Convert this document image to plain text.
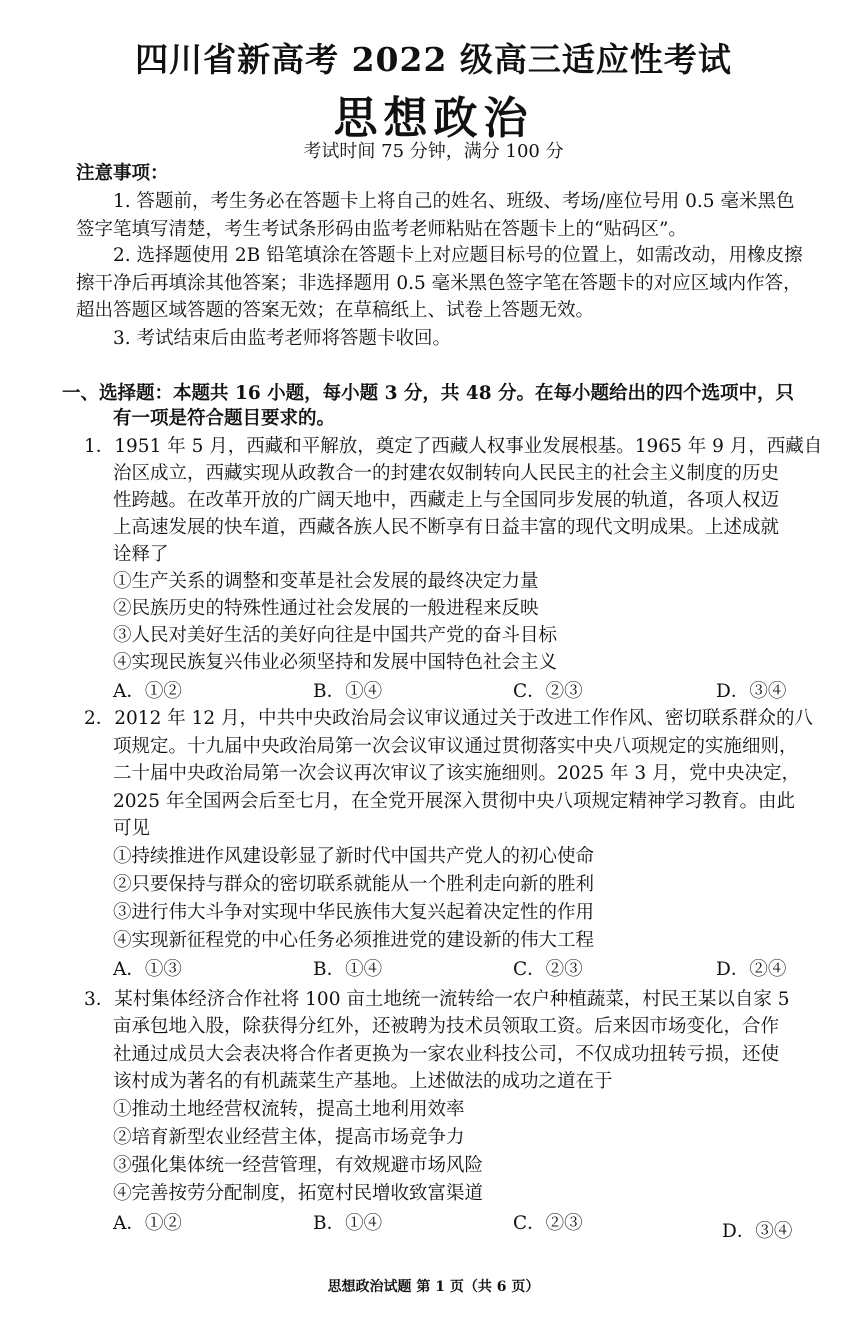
四川省新高考 2022 级高三适应性考试
思想政治
考试时间 75 分钟，满分 100 分
注意事项：
1. 答题前，考生务必在答题卡上将自己的姓名、班级、考场/座位号用 0.5 毫米黑色
签字笔填写清楚，考生考试条形码由监考老师粘贴在答题卡上的“贴码区”。
2. 选择题使用 2B 铅笔填涂在答题卡上对应题目标号的位置上，如需改动，用橡皮擦
擦干净后再填涂其他答案；非选择题用 0.5 毫米黑色签字笔在答题卡的对应区域内作答，
超出答题区域答题的答案无效；在草稿纸上、试卷上答题无效。
3. 考试结束后由监考老师将答题卡收回。
一、选择题：本题共 16 小题，每小题 3 分，共 48 分。在每小题给出的四个选项中，只
有一项是符合题目要求的。
1．1951 年 5 月，西藏和平解放，奠定了西藏人权事业发展根基。1965 年 9 月，西藏自
治区成立，西藏实现从政教合一的封建农奴制转向人民民主的社会主义制度的历史
性跨越。在改革开放的广阔天地中，西藏走上与全国同步发展的轨道，各项人权迈
上高速发展的快车道，西藏各族人民不断享有日益丰富的现代文明成果。上述成就
诠释了
①生产关系的调整和变革是社会发展的最终决定力量
②民族历史的特殊性通过社会发展的一般进程来反映
③人民对美好生活的美好向往是中国共产党的奋斗目标
④实现民族复兴伟业必须坚持和发展中国特色社会主义
A．①②	B．①④	C．②③	D．③④
2．2012 年 12 月，中共中央政治局会议审议通过关于改进工作作风、密切联系群众的八
项规定。十九届中央政治局第一次会议审议通过贯彻落实中央八项规定的实施细则，
二十届中央政治局第一次会议再次审议了该实施细则。2025 年 3 月，党中央决定，
2025 年全国两会后至七月，在全党开展深入贯彻中央八项规定精神学习教育。由此
可见
①持续推进作风建设彰显了新时代中国共产党人的初心使命
②只要保持与群众的密切联系就能从一个胜利走向新的胜利
③进行伟大斗争对实现中华民族伟大复兴起着决定性的作用
④实现新征程党的中心任务必须推进党的建设新的伟大工程
A．①③	B．①④	C．②③	D．②④
3．某村集体经济合作社将 100 亩土地统一流转给一农户种植蔬菜，村民王某以自家 5
亩承包地入股，除获得分红外，还被聘为技术员领取工资。后来因市场变化，合作
社通过成员大会表决将合作者更换为一家农业科技公司，不仅成功扭转亏损，还使
该村成为著名的有机蔬菜生产基地。上述做法的成功之道在于
①推动土地经营权流转，提高土地利用效率
②培育新型农业经营主体，提高市场竞争力
③强化集体统一经营管理，有效规避市场风险
④完善按劳分配制度，拓宽村民增收致富渠道
A．①②	B．①④	C．②③	D．③④
思想政治试题 第 1 页（共 6 页）
